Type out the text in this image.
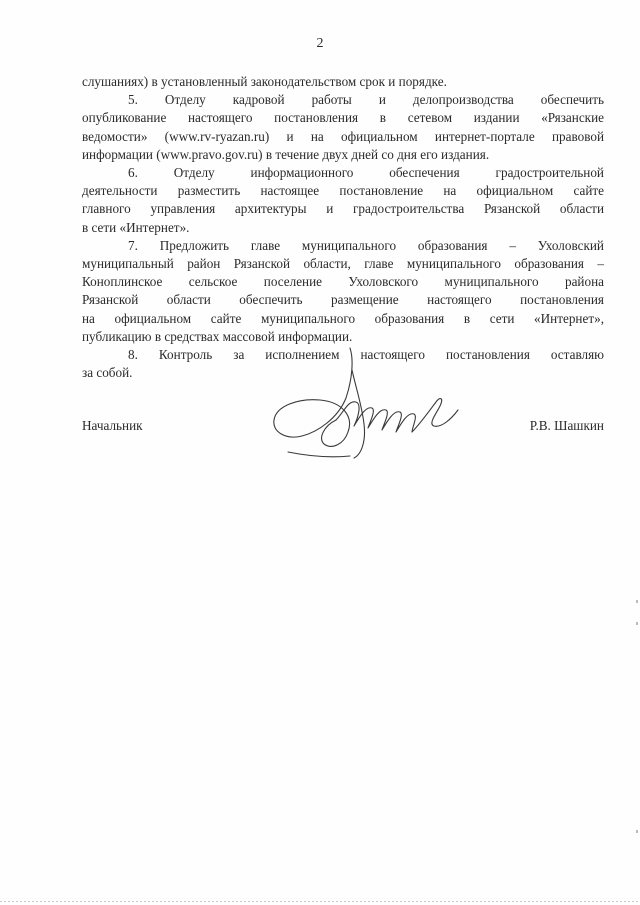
2

слушаниях) в установленный законодательством срок и порядке.

5. Отделу кадровой работы и делопроизводства обеспечить
опубликование настоящего постановления в сетевом издании «Рязанские
ведомости» (www.rv-ryazan.ru) и на официальном интернет-портале правовой
информации (www.pravo.gov.ru) в течение двух дней со дня его издания.

6. Отделу информационного обеспечения градостроительной
деятельности разместить настоящее постановление на официальном сайте
главного управления архитектуры и градостроительства Рязанской области
в сети «Интернет».

7. Предложить главе муниципального образования – Ухоловский
муниципальный район Рязанской области, главе муниципального образования –
Коноплинское сельское поселение Ухоловского муниципального района
Рязанской области обеспечить размещение настоящего постановления
на официальном сайте муниципального образования в сети «Интернет»,
публикацию в средствах массовой информации.

8. Контроль за исполнением настоящего постановления оставляю
за собой.

Начальник	Р.В. Шашкин
